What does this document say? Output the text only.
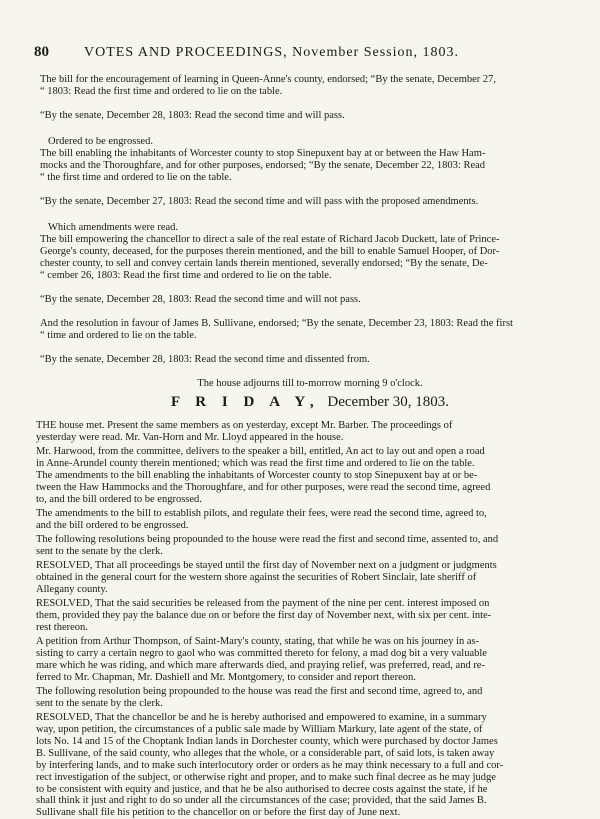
80	VOTES AND PROCEEDINGS, November Session, 1803.
The bill for the encouragement of learning in Queen-Anne's county, endorsed; “By the senate, December 27,
“ 1803: Read the first time and ordered to lie on the table.
“By the senate, December 28, 1803: Read the second time and will pass.
Ordered to be engrossed.
The bill enabling the inhabitants of Worcester county to stop Sinepuxent bay at or between the Haw Ham-
mocks and the Thoroughfare, and for other purposes, endorsed; “By the senate, December 22, 1803: Read
“ the first time and ordered to lie on the table.
“By the senate, December 27, 1803: Read the second time and will pass with the proposed amendments.
Which amendments were read.
The bill empowering the chancellor to direct a sale of the real estate of Richard Jacob Duckett, late of Prince-
George's county, deceased, for the purposes therein mentioned, and the bill to enable Samuel Hooper, of Dor-
chester county, to sell and convey certain lands therein mentioned, severally endorsed; “By the senate, De-
“ cember 26, 1803: Read the first time and ordered to lie on the table.
“By the senate, December 28, 1803: Read the second time and will not pass.
And the resolution in favour of James B. Sullivane, endorsed; “By the senate, December 23, 1803: Read the first
“ time and ordered to lie on the table.
“By the senate, December 28, 1803: Read the second time and dissented from.
The house adjourns till to-morrow morning 9 o'clock.
F R I D A Y, December 30, 1803.
THE house met. Present the same members as on yesterday, except Mr. Barber. The proceedings of
yesterday were read. Mr. Van-Horn and Mr. Lloyd appeared in the house.
Mr. Harwood, from the committee, delivers to the speaker a bill, entitled, An act to lay out and open a road
in Anne-Arundel county therein mentioned; which was read the first time and ordered to lie on the table.
The amendments to the bill enabling the inhabitants of Worcester county to stop Sinepuxent bay at or be-
tween the Haw Hammocks and the Thoroughfare, and for other purposes, were read the second time, agreed
to, and the bill ordered to be engrossed.
The amendments to the bill to establish pilots, and regulate their fees, were read the second time, agreed to,
and the bill ordered to be engrossed.
The following resolutions being propounded to the house were read the first and second time, assented to, and
sent to the senate by the clerk.
RESOLVED, That all proceedings be stayed until the first day of November next on a judgment or judgments
obtained in the general court for the western shore against the securities of Robert Sinclair, late sheriff of
Allegany county.
RESOLVED, That the said securities be released from the payment of the nine per cent. interest imposed on
them, provided they pay the balance due on or before the first day of November next, with six per cent. inte-
rest thereon.
A petition from Arthur Thompson, of Saint-Mary's county, stating, that while he was on his journey in as-
sisting to carry a certain negro to gaol who was committed thereto for felony, a mad dog bit a very valuable
mare which he was riding, and which mare afterwards died, and praying relief, was preferred, read, and re-
ferred to Mr. Chapman, Mr. Dashiell and Mr. Montgomery, to consider and report thereon.
The following resolution being propounded to the house was read the first and second time, agreed to, and
sent to the senate by the clerk.
RESOLVED, That the chancellor be and he is hereby authorised and empowered to examine, in a summary
way, upon petition, the circumstances of a public sale made by William Markury, late agent of the state, of
lots No. 14 and 15 of the Choptank Indian lands in Dorchester county, which were purchased by doctor James
B. Sullivane, of the said county, who alleges that the whole, or a considerable part, of said lots, is taken away
by interfering lands, and to make such interlocutory order or orders as he may think necessary to a full and cor-
rect investigation of the subject, or otherwise right and proper, and to make such final decree as he may judge
to be consistent with equity and justice, and that he be also authorised to decree costs against the state, if he
shall think it just and right to do so under all the circumstances of the case; provided, that the said James B.
Sullivane shall file his petition to the chancellor on or before the first day of June next.
